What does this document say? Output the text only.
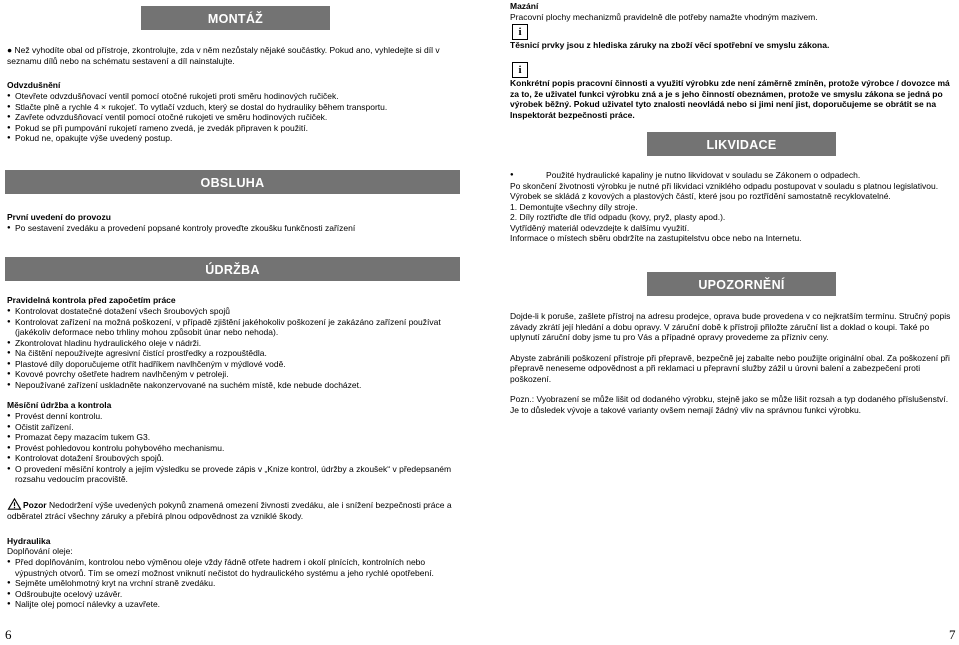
MONTÁŽ

● Než vyhodíte obal od přístroje, zkontrolujte, zda v něm nezůstaly nějaké součástky. Pokud ano, vyhledejte si díl v seznamu dílů nebo na schématu sestavení a díl nainstalujte.

Odvzdušnění

● Otevřete odvzdušňovací ventil pomocí otočné rukojeti proti směru hodinových ručiček.
● Stlačte plně a rychle 4 × rukojeť. To vytlačí vzduch, který se dostal do hydrauliky během transportu.
● Zavřete odvzdušňovací ventil pomocí otočné rukojeti ve směru hodinových ručiček.
● Pokud se při pumpování rukojetí rameno zvedá, je zvedák připraven k použití.
● Pokud ne, opakujte výše uvedený postup.
OBSLUHA

První uvedení do provozu

● Po sestavení zvedáku a provedení popsané kontroly proveďte zkoušku funkčnosti zařízení
ÚDRŽBA

Pravidelná kontrola před započetím práce

● Kontrolovat dostatečné dotažení všech šroubových spojů
● Kontrolovat zařízení na možná poškození, v případě zjištění jakéhokoliv poškození je zakázáno zařízení používat (jakékoliv deformace nebo trhliny mohou způsobit únar nebo nehoda).
● Zkontrolovat hladinu hydraulického oleje v nádrži.
● Na čištění nepoužívejte agresivní čistící prostředky a rozpouštědla.
● Plastové díly doporučujeme otřít hadříkem navlhčeným v mýdlové vodě.
● Kovové povrchy ošetřete hadrem navlhčeným v petroleji.
● Nepoužívané zařízení uskladněte nakonzervované na suchém místě, kde nebude docházet.

Měsíční údržba a kontrola

● Provést denní kontrolu.
● Očistit zařízení.
● Promazat čepy mazacím tukem G3.
● Provést pohledovou kontrolu pohybového mechanismu.
● Kontrolovat dotažení šroubových spojů.
● O provedení měsíční kontroly a jejím výsledku se provede zápis v „Knize kontrol, údržby a zkoušek“ v předepsaném rozsahu vedoucím pracoviště.

Pozor Nedodržení výše uvedených pokynů znamená omezení živnosti zvedáku, ale i snížení bezpečnosti práce a odběratel ztrácí všechny záruky a přebírá plnou odpovědnost za vzniklé škody.

Hydraulika

Doplňování oleje:

● Před doplňováním, kontrolou nebo výměnou oleje vždy řádně otřete hadrem i okolí plnících, kontrolních nebo výpustných otvorů. Tím se omezí možnost vniknutí nečistot do hydraulického systému a jeho rychlé opotřebení.
● Sejměte umělohmotný kryt na vrchní straně zvedáku.
● Odšroubujte ocelový uzávěr.
● Nalijte olej pomocí nálevky a uzavřete.
6

Mazání

Pracovní plochy mechanizmů pravidelně dle potřeby namažte vhodným mazivem.

i

Těsnicí prvky jsou z hlediska záruky na zboží věcí spotřební ve smyslu zákona.

i

Konkrétní popis pracovní činnosti a využití výrobku zde není záměrně zmíněn, protože výrobce / dovozce má za to, že uživatel funkci výrobku zná a je s jeho činností obeznámen, protože ve smyslu zákona se jedná po výrobek běžný. Pokud uživatel tyto znalosti neovládá nebo si jimi není jist, doporučujeme se obrátit se na Inspektorát bezpečnosti práce.

LIKVIDACE

●	Použité hydraulické kapaliny je nutno likvidovat v souladu se Zákonem o odpadech.

Po skončení životnosti výrobku je nutné při likvidaci vzniklého odpadu postupovat v souladu s platnou legislativou. Výrobek se skládá z kovových a plastových částí, které jsou po roztřídění samostatně recyklovatelné.

1. Demontujte všechny díly stroje.

2. Díly roztřiďte dle tříd odpadu (kovy, pryž, plasty apod.).

Vytříděný materiál odevzdejte k dalšímu využití.

Informace o místech sběru obdržíte na zastupitelstvu obce nebo na Internetu.

UPOZORNĚNÍ

Dojde-li k poruše, zašlete přístroj na adresu prodejce, oprava bude provedena v co nejkratším termínu. Stručný popis závady zkrátí její hledání a dobu opravy. V záruční době k přístroji přiložte záruční list a doklad o koupi. Také po uplynutí záruční doby jsme tu pro Vás a případné opravy provedeme za přízniv ceny.

Abyste zabránili poškození přístroje při přepravě, bezpečně jej zabalte nebo použijte originální obal. Za poškození při přepravě neneseme odpovědnost a při reklamaci u přepravní služby zážil u úrovni balení a zabezpečení proti poškození.

Pozn.: Vyobrazení se může lišit od dodaného výrobku, stejně jako se může lišit rozsah a typ dodaného příslušenství. Je to důsledek vývoje a takové varianty ovšem nemají žádný vliv na správnou funkci výrobku.

7
